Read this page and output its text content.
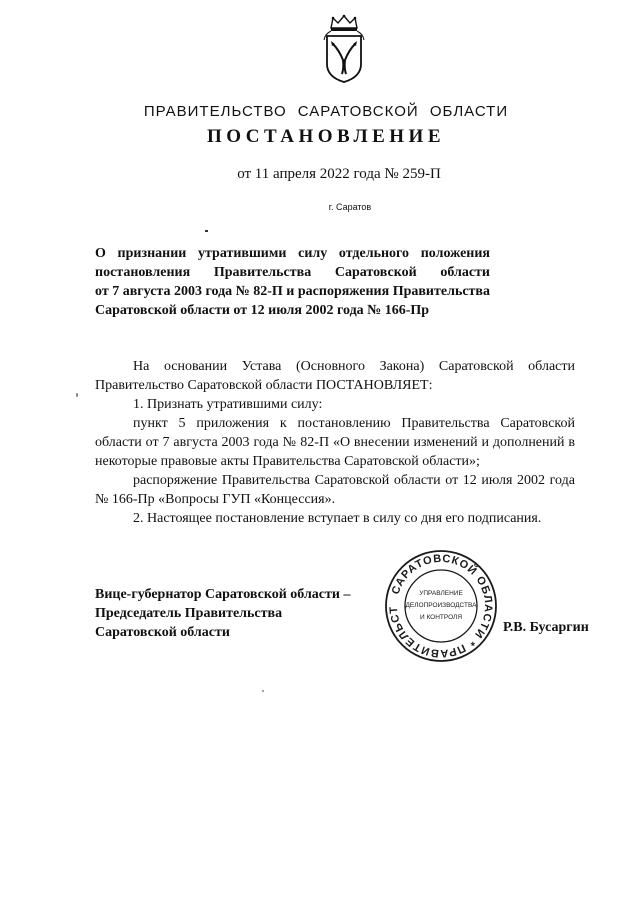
ПРАВИТЕЛЬСТВО САРАТОВСКОЙ ОБЛАСТИ
ПОСТАНОВЛЕНИЕ
от 11 апреля 2022 года № 259-П
г. Саратов
О признании утратившими силу отдельного положения
постановления Правительства Саратовской области
от 7 августа 2003 года № 82-П и распоряжения Правительства
Саратовской области от 12 июля 2002 года № 166-Пр
На основании Устава (Основного Закона) Саратовской области Правительство Саратовской области ПОСТАНОВЛЯЕТ:
1. Признать утратившими силу:
пункт 5 приложения к постановлению Правительства Саратовской области от 7 августа 2003 года № 82-П «О внесении изменений и дополнений в некоторые правовые акты Правительства Саратовской области»;
распоряжение Правительства Саратовской области от 12 июля 2002 года № 166-Пр «Вопросы ГУП «Концессия».
2. Настоящее постановление вступает в силу со дня его подписания.
Вице-губернатор Саратовской области –
Председатель Правительства
Саратовской области
САРАТОВСКОЙ ОБЛАСТИ * ПРАВИТЕЛЬСТ
УПРАВЛЕНИЕ
ДЕЛОПРОИЗВОДСТВА
И КОНТРОЛЯ
Р.В. Бусаргин
